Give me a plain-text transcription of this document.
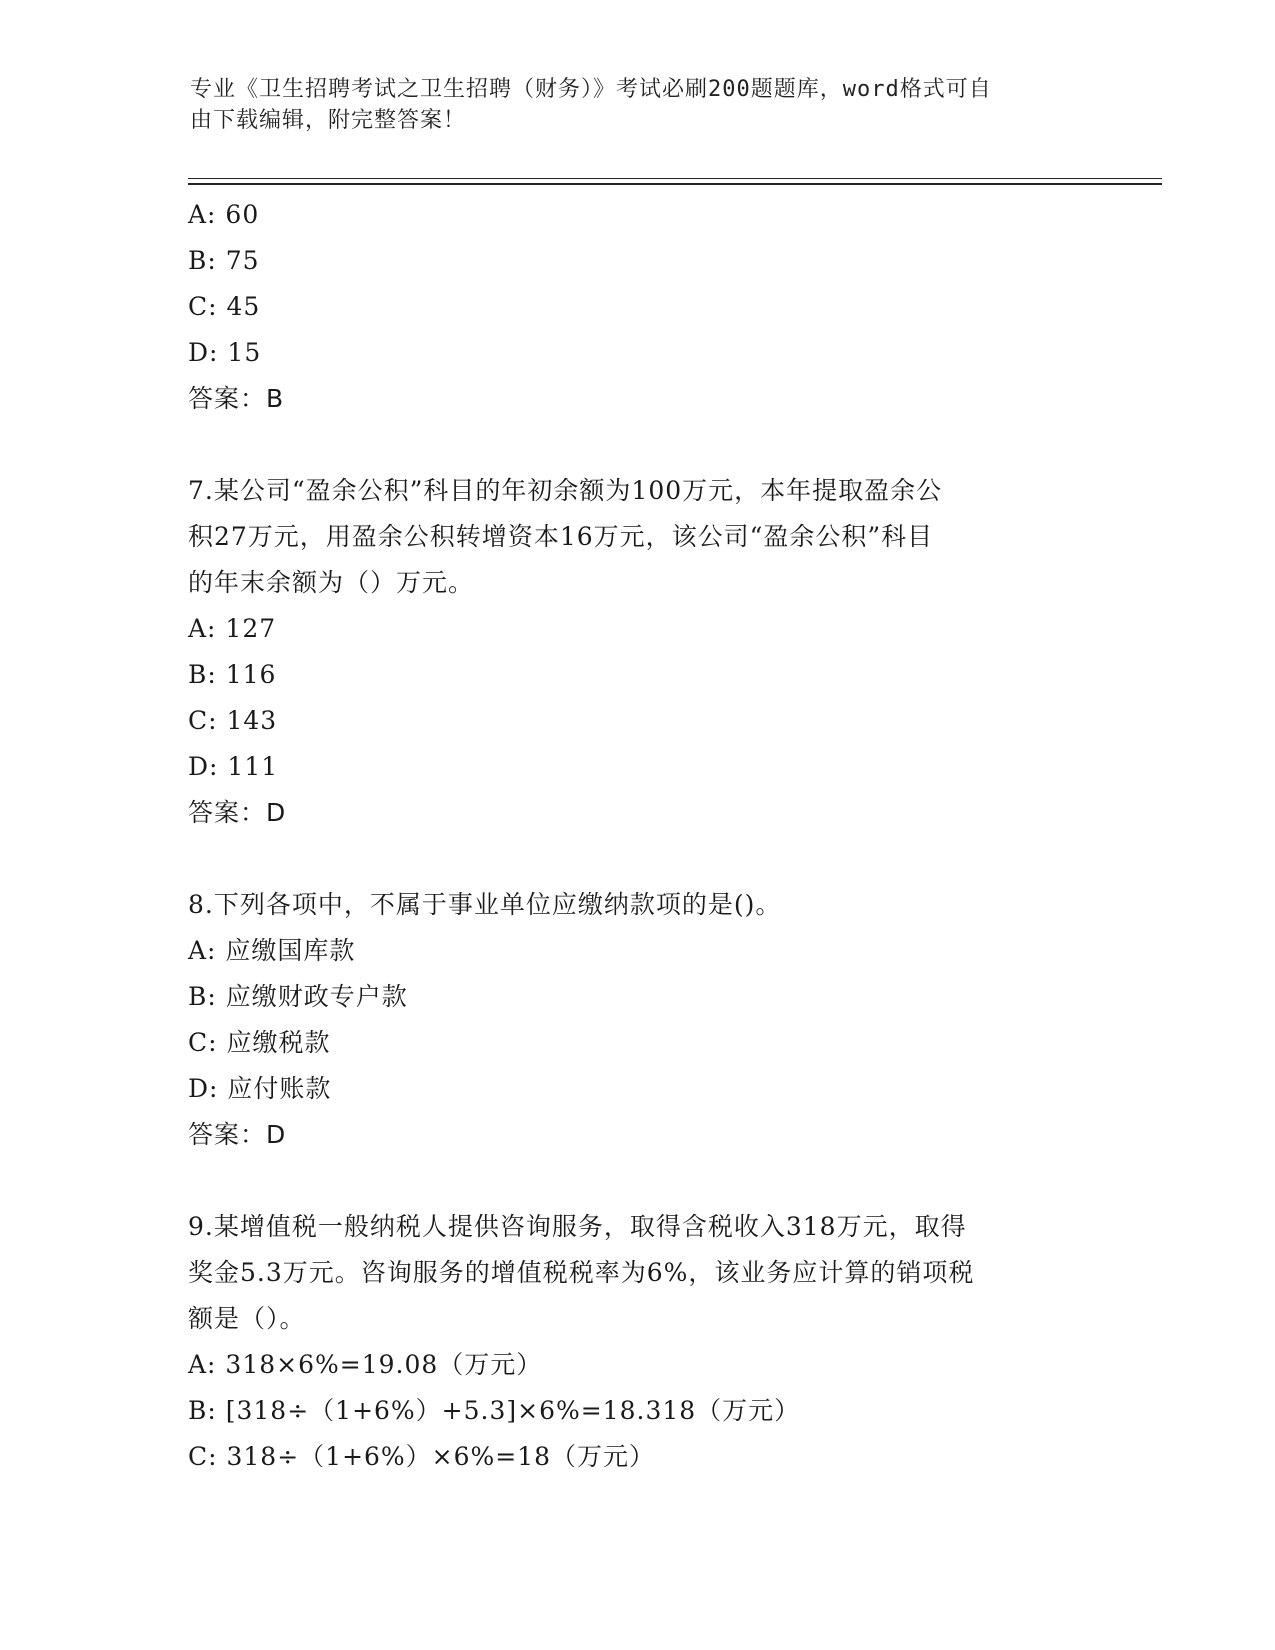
专业《卫生招聘考试之卫生招聘（财务）》考试必刷200题题库，word格式可自
由下载编辑，附完整答案！
A: 60
B: 75
C: 45
D: 15
答案：B
7.某公司“盈余公积”科目的年初余额为100万元，本年提取盈余公
积27万元，用盈余公积转增资本16万元，该公司“盈余公积”科目
的年末余额为（）万元。
A: 127
B: 116
C: 143
D: 111
答案：D
8.下列各项中，不属于事业单位应缴纳款项的是()。
A: 应缴国库款
B: 应缴财政专户款
C: 应缴税款
D: 应付账款
答案：D
9.某增值税一般纳税人提供咨询服务，取得含税收入318万元，取得
奖金5.3万元。咨询服务的增值税税率为6%，该业务应计算的销项税
额是（）。
A: 318×6%=19.08（万元）
B: [318÷（1+6%）+5.3]×6%=18.318（万元）
C: 318÷（1+6%）×6%=18（万元）
